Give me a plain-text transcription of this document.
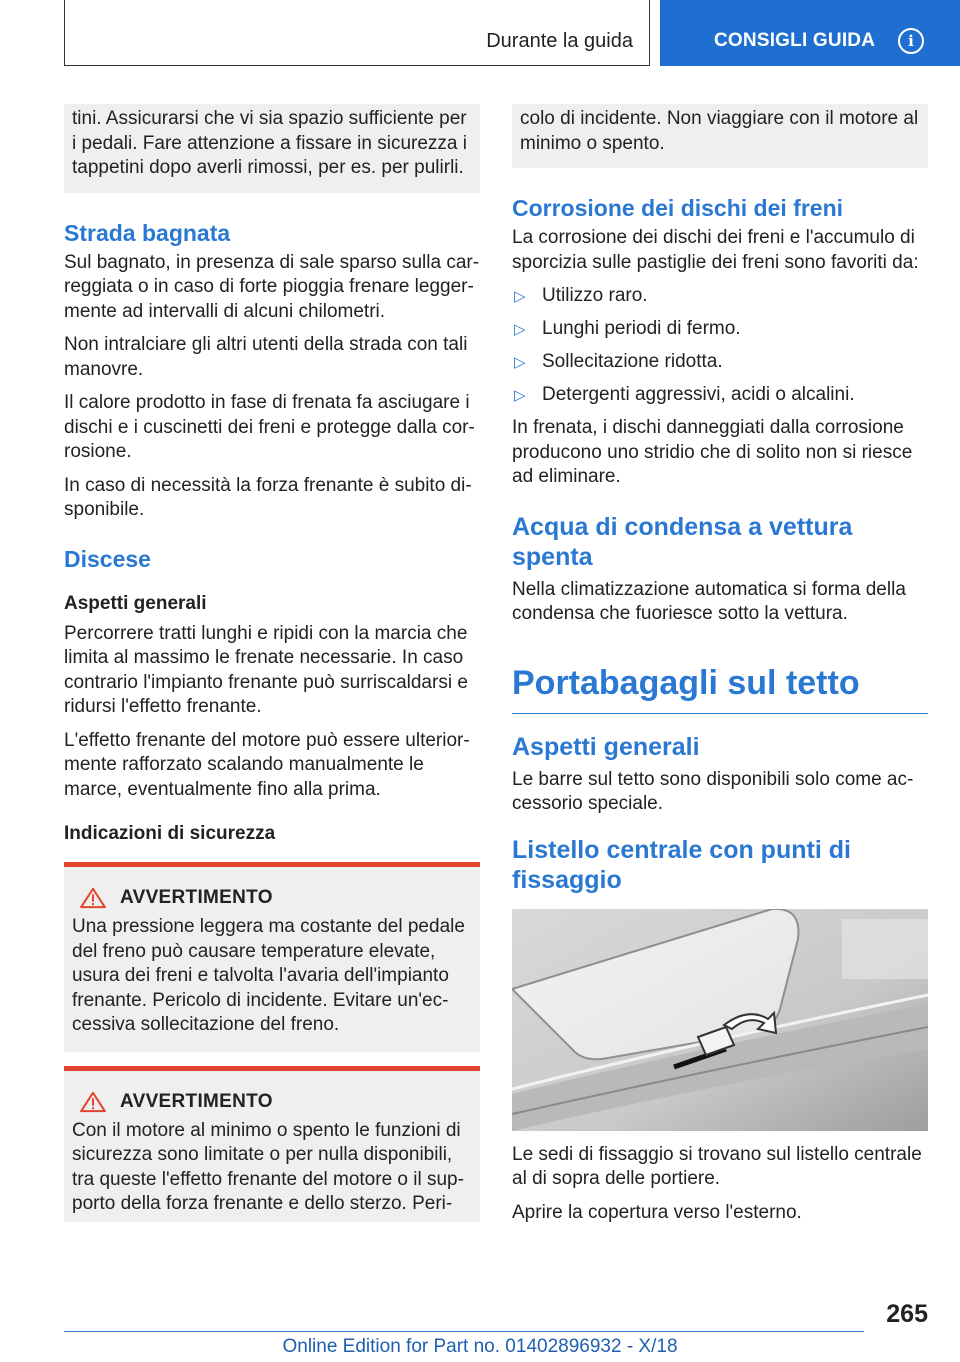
Durante la guida	CONSIGLI GUIDA	i

tini. Assicurarsi che vi sia spazio sufficiente per i pedali. Fare attenzione a fissare in sicurezza i tappetini dopo averli rimossi, per es. per pulirli.

Strada bagnata

Sul bagnato, in presenza di sale sparso sulla carreggiata o in caso di forte pioggia frenare leggermente ad intervalli di alcuni chilometri.

Non intralciare gli altri utenti della strada con tali manovre.

Il calore prodotto in fase di frenata fa asciugare i dischi e i cuscinetti dei freni e protegge dalla corrosione.

In caso di necessità la forza frenante è subito disponibile.

Discese
Aspetti generali

Percorrere tratti lunghi e ripidi con la marcia che limita al massimo le frenate necessarie. In caso contrario l'impianto frenante può surriscaldarsi e ridursi l'effetto frenante.

L'effetto frenante del motore può essere ulteriormente rafforzato scalando manualmente le marce, eventualmente fino alla prima.

Indicazioni di sicurezza
AVVERTIMENTO

Una pressione leggera ma costante del pedale del freno può causare temperature elevate, usura dei freni e talvolta l'avaria dell'impianto frenante. Pericolo di incidente. Evitare un'eccessiva sollecitazione del freno.

AVVERTIMENTO

Con il motore al minimo o spento le funzioni di sicurezza sono limitate o per nulla disponibili, tra queste l'effetto frenante del motore o il supporto della forza frenante e dello sterzo. Peri-

colo di incidente. Non viaggiare con il motore al minimo o spento.

Corrosione dei dischi dei freni

La corrosione dei dischi dei freni e l'accumulo di sporcizia sulle pastiglie dei freni sono favoriti da:

▷ Utilizzo raro.
▷ Lunghi periodi di fermo.
▷ Sollecitazione ridotta.
▷ Detergenti aggressivi, acidi o alcalini.

In frenata, i dischi danneggiati dalla corrosione producono uno stridio che di solito non si riesce ad eliminare.

Acqua di condensa a vettura spenta

Nella climatizzazione automatica si forma della condensa che fuoriesce sotto la vettura.

Portabagagli sul tetto
Aspetti generali

Le barre sul tetto sono disponibili solo come accessorio speciale.

Listello centrale con punti di fissaggio

Le sedi di fissaggio si trovano sul listello centrale al di sopra delle portiere.

Aprire la copertura verso l'esterno.

265
Online Edition for Part no. 01402896932 - X/18
